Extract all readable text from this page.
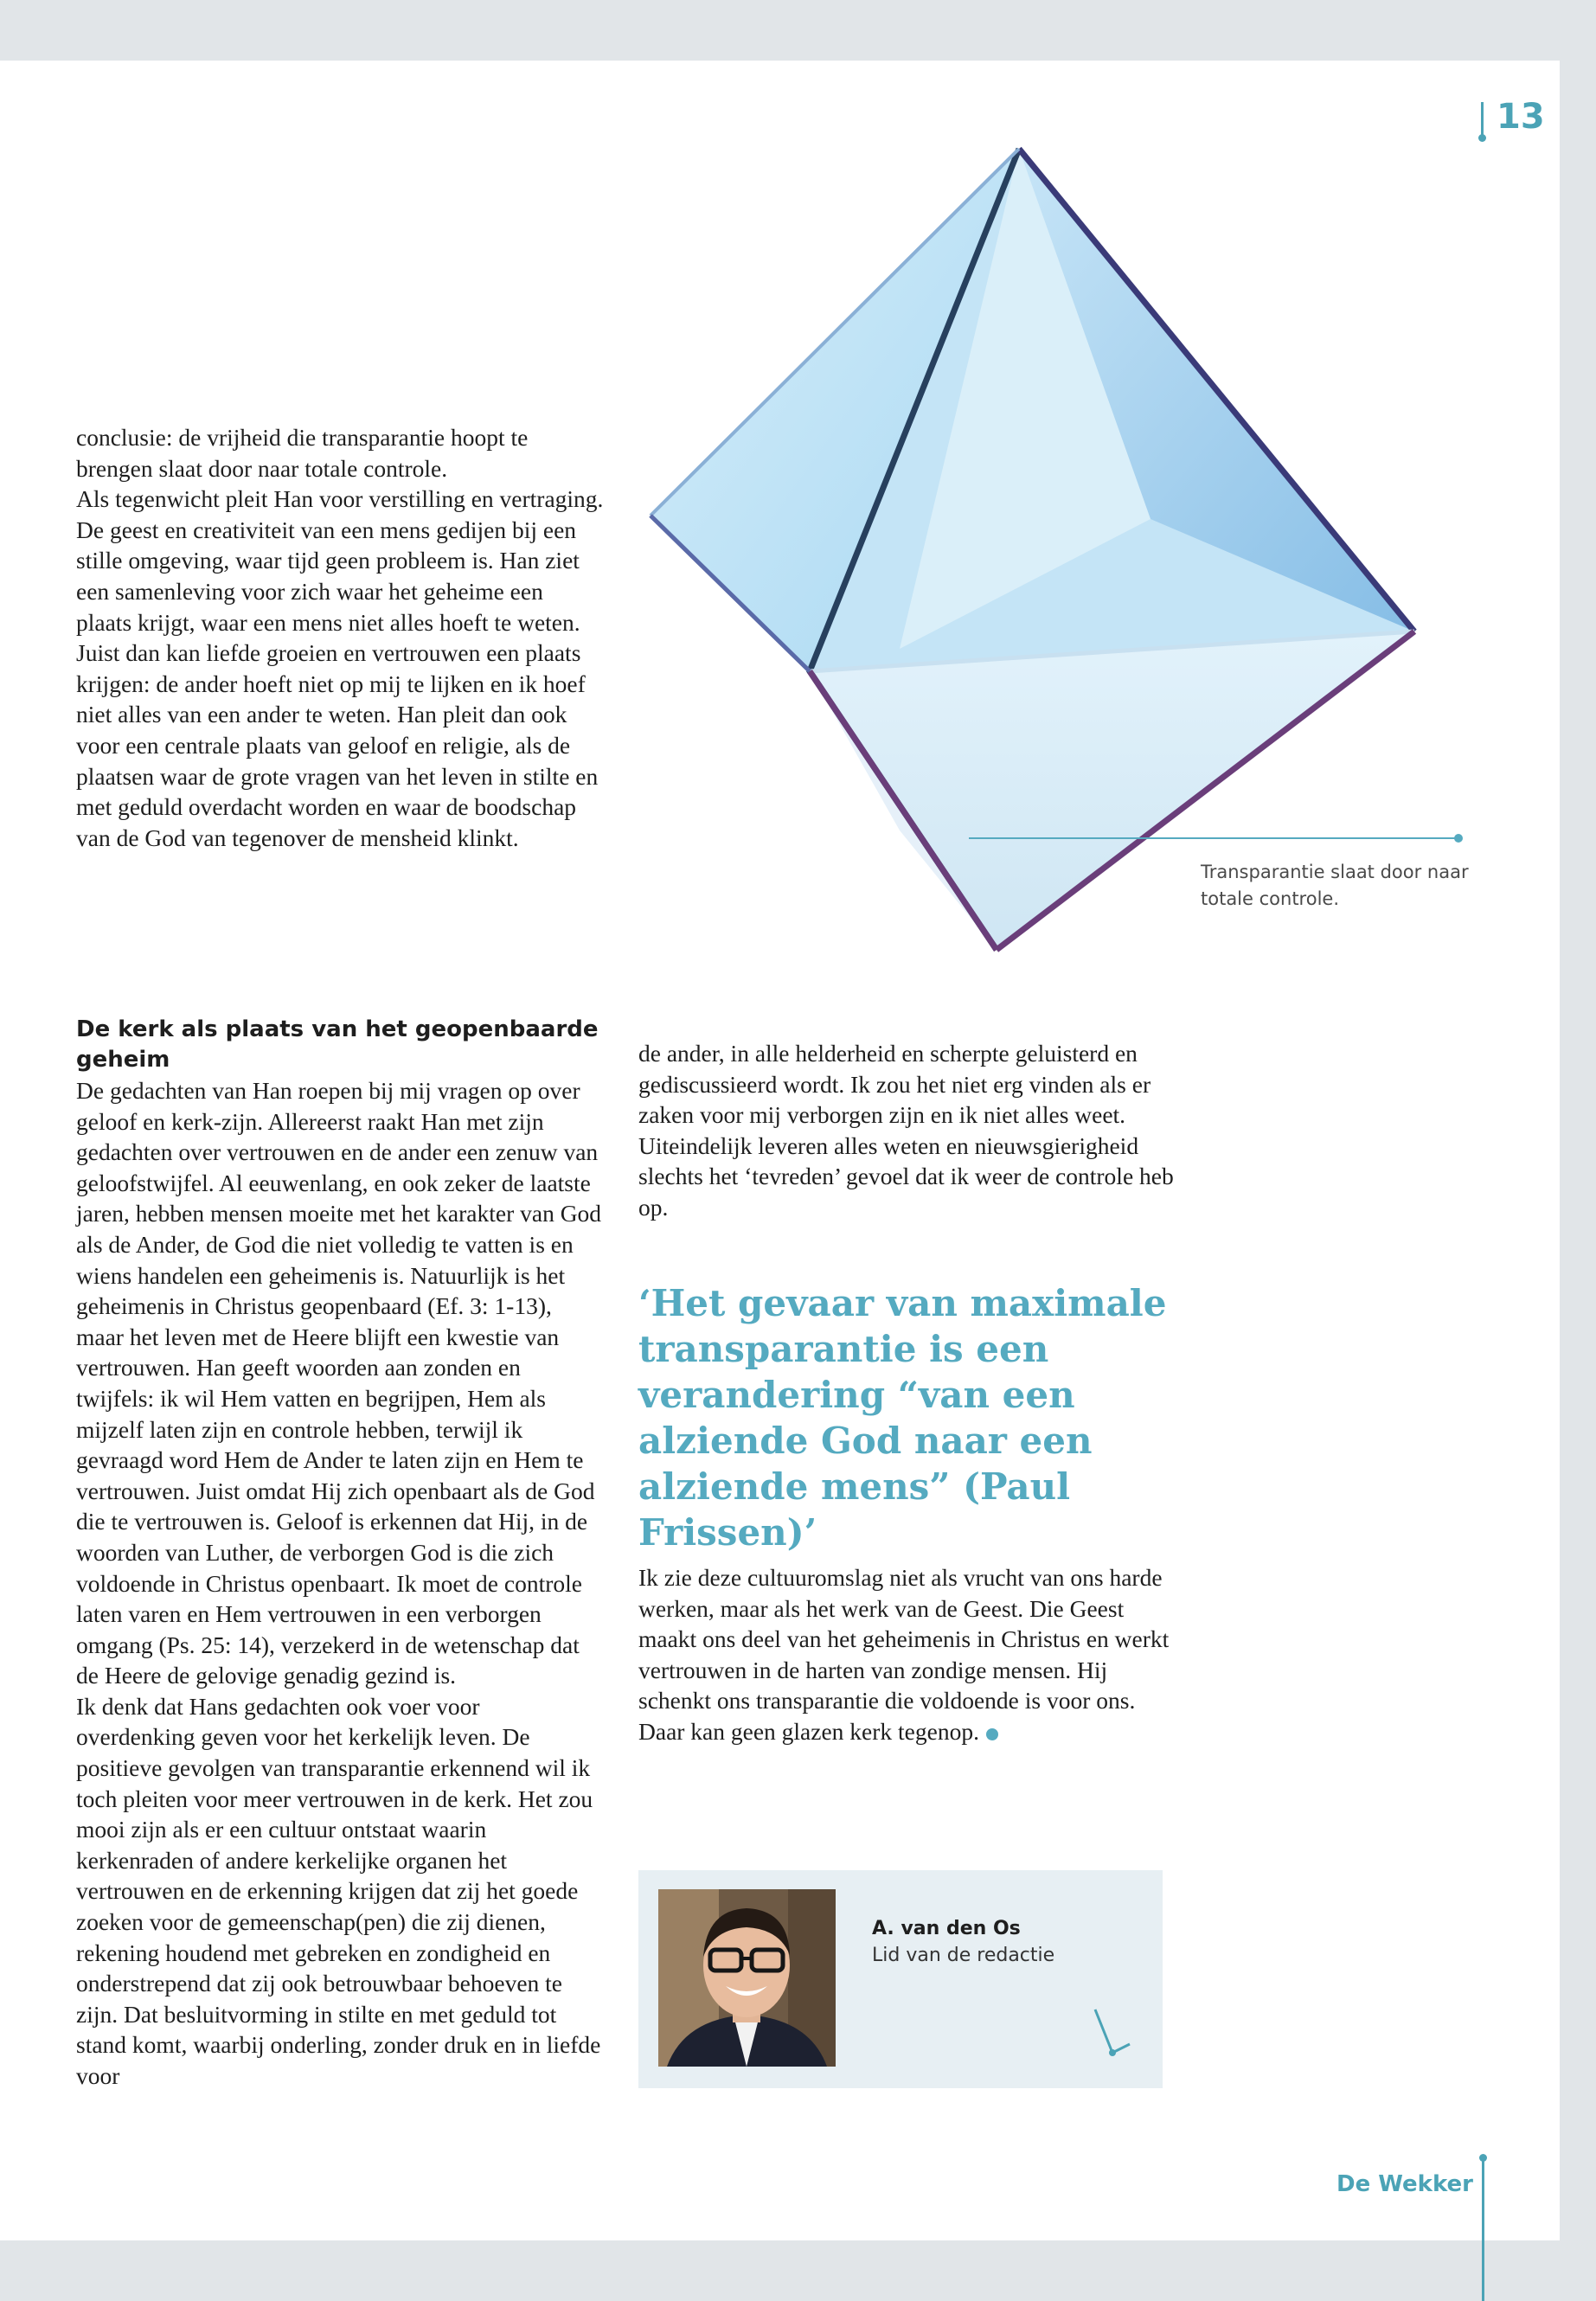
13

Transparantie slaat door naar totale controle.

conclusie: de vrijheid die transparantie hoopt te brengen slaat door naar totale controle.

Als tegenwicht pleit Han voor verstilling en vertraging. De geest en creativiteit van een mens gedijen bij een stille omgeving, waar tijd geen probleem is. Han ziet een samenleving voor zich waar het geheime een plaats krijgt, waar een mens niet alles hoeft te weten. Juist dan kan liefde groeien en vertrouwen een plaats krijgen: de ander hoeft niet op mij te lijken en ik hoef niet alles van een ander te weten. Han pleit dan ook voor een centrale plaats van geloof en religie, als de plaatsen waar de grote vragen van het leven in stilte en met geduld overdacht worden en waar de boodschap van de God van tegenover de mensheid klinkt.

De kerk als plaats van het geopenbaarde geheim

De gedachten van Han roepen bij mij vragen op over geloof en kerk-zijn. Allereerst raakt Han met zijn gedachten over vertrouwen en de ander een zenuw van geloofstwijfel. Al eeuwenlang, en ook zeker de laatste jaren, hebben mensen moeite met het karakter van God als de Ander, de God die niet volledig te vatten is en wiens handelen een geheimenis is. Natuurlijk is het geheimenis in Christus geopenbaard (Ef. 3: 1-13), maar het leven met de Heere blijft een kwestie van vertrouwen. Han geeft woorden aan zonden en twijfels: ik wil Hem vatten en begrijpen, Hem als mijzelf laten zijn en controle hebben, terwijl ik gevraagd word Hem de Ander te laten zijn en Hem te vertrouwen. Juist omdat Hij zich openbaart als de God die te vertrouwen is. Geloof is erkennen dat Hij, in de woorden van Luther, de verborgen God is die zich voldoende in Christus openbaart. Ik moet de controle laten varen en Hem vertrouwen in een verborgen omgang (Ps. 25: 14), verzekerd in de wetenschap dat de Heere de gelovige genadig gezind is.

Ik denk dat Hans gedachten ook voer voor overdenking geven voor het kerkelijk leven. De positieve gevolgen van transparantie erkennend wil ik toch pleiten voor meer vertrouwen in de kerk. Het zou mooi zijn als er een cultuur ontstaat waarin kerkenraden of andere kerkelijke organen het vertrouwen en de erkenning krijgen dat zij het goede zoeken voor de gemeenschap(pen) die zij dienen, rekening houdend met gebreken en zondigheid en onderstrepend dat zij ook betrouwbaar behoeven te zijn. Dat besluitvorming in stilte en met geduld tot stand komt, waarbij onderling, zonder druk en in liefde voor

de ander, in alle helderheid en scherpte geluisterd en gediscussieerd wordt. Ik zou het niet erg vinden als er zaken voor mij verborgen zijn en ik niet alles weet. Uiteindelijk leveren alles weten en nieuwsgierigheid slechts het ‘tevreden’ gevoel dat ik weer de controle heb op.

‘Het gevaar van maximale transparantie is een verandering “van een alziende God naar een alziende mens” (Paul Frissen)’

Ik zie deze cultuuromslag niet als vrucht van ons harde werken, maar als het werk van de Geest. Die Geest maakt ons deel van het geheimenis in Christus en werkt vertrouwen in de harten van zondige mensen. Hij schenkt ons transparantie die voldoende is voor ons. Daar kan geen glazen kerk tegenop.

A. van den Os

Lid van de redactie

De Wekker
